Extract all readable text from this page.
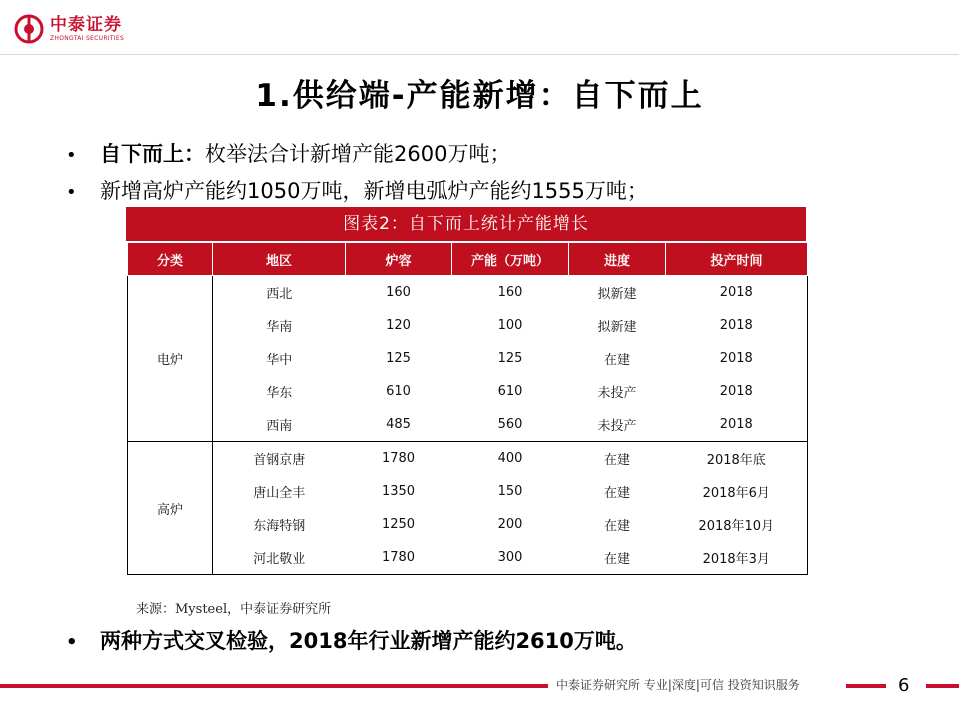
中泰证券
ZHONGTAI SECURITIES
1.供给端-产能新增：自下而上
•	自下而上： 枚举法合计新增产能2600万吨；
•	新增高炉产能约1050万吨，新增电弧炉产能约1555万吨；
图表2：自下而上统计产能增长
分类	地区	炉容	产能（万吨）	进度	投产时间
电炉	西北	160	160	拟新建	2018
	华南	120	100	拟新建	2018
	华中	125	125	在建	2018
	华东	610	610	未投产	2018
	西南	485	560	未投产	2018
高炉	首钢京唐	1780	400	在建	2018年底
	唐山全丰	1350	150	在建	2018年6月
	东海特钢	1250	200	在建	2018年10月
	河北敬业	1780	300	在建	2018年3月
来源：Mysteel，中泰证券研究所
•	两种方式交叉检验，2018年行业新增产能约2610万吨。
中泰证券研究所 专业|深度|可信 投资知识服务	6
